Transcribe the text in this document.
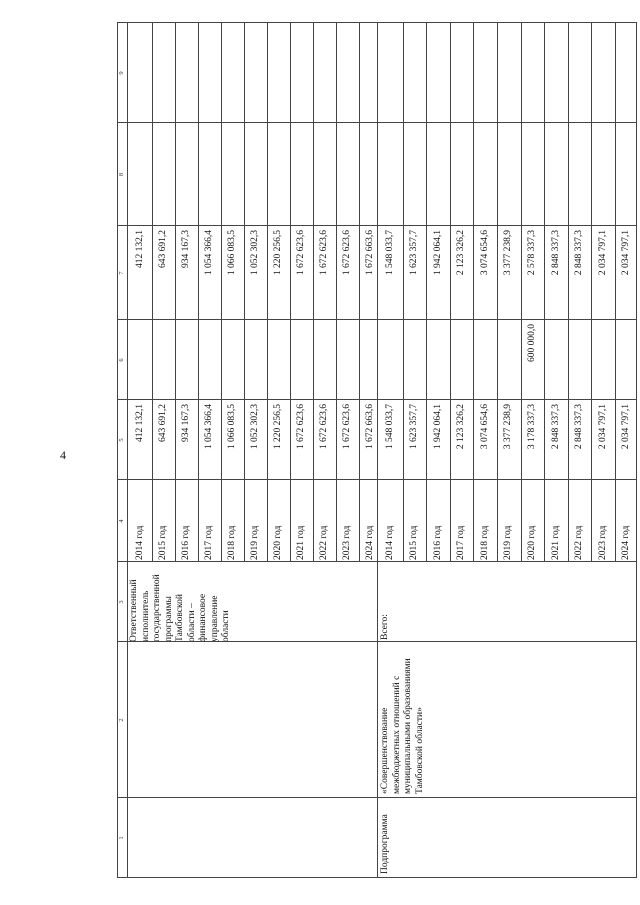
4
1
2
3
4
5
6
7
8
9
Ответственный исполнитель государственной программы Тамбовской области – финансовое управление области
Подпрограмма
«Совершенствование межбюджетных отношений с муниципальными образованиями Тамбовской области»
Всего:
2014 год
412 132,1
412 132,1
2015 год
643 691,2
643 691,2
2016 год
934 167,3
934 167,3
2017 год
1 054 366,4
1 054 366,4
2018 год
1 066 083,5
1 066 083,5
2019 год
1 052 302,3
1 052 302,3
2020 год
1 220 256,5
1 220 256,5
2021 год
1 672 623,6
1 672 623,6
2022 год
1 672 623,6
1 672 623,6
2023 год
1 672 623,6
1 672 623,6
2024 год
1 672 663,6
1 672 663,6
2014 год
1 548 033,7
1 548 033,7
2015 год
1 623 357,7
1 623 357,7
2016 год
1 942 064,1
1 942 064,1
2017 год
2 123 326,2
2 123 326,2
2018 год
3 074 654,6
3 074 654,6
2019 год
3 377 238,9
3 377 238,9
2020 год
3 178 337,3
600 000,0
2 578 337,3
2021 год
2 848 337,3
2 848 337,3
2022 год
2 848 337,3
2 848 337,3
2023 год
2 034 797,1
2 034 797,1
2024 год
2 034 797,1
2 034 797,1
